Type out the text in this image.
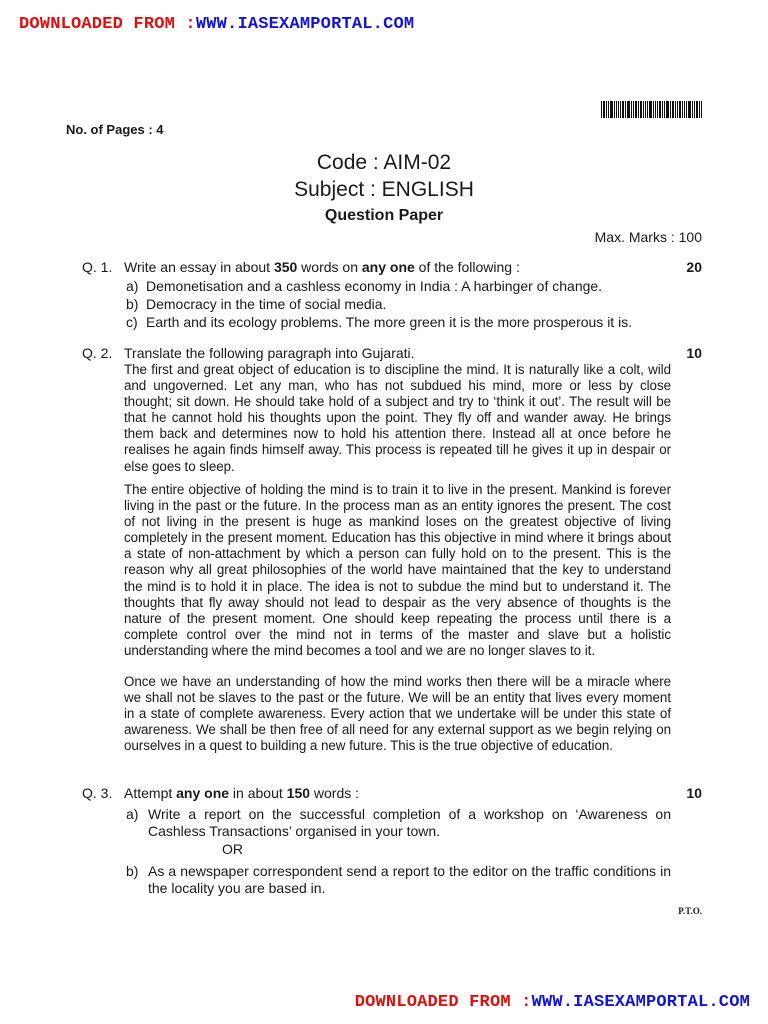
DOWNLOADED FROM :WWW.IASEXAMPORTAL.COM
No. of Pages : 4
Code : AIM-02
Subject : ENGLISH
Question Paper
Max. Marks : 100
Q. 1. Write an essay in about 350 words on any one of the following :	20
a) Demonetisation and a cashless economy in India : A harbinger of change.
b) Democracy in the time of social media.
c) Earth and its ecology problems. The more green it is the more prosperous it is.
Q. 2. Translate the following paragraph into Gujarati.	10

The first and great object of education is to discipline the mind. It is naturally like a colt, wild and ungoverned. Let any man, who has not subdued his mind, more or less by close thought; sit down. He should take hold of a subject and try to ‘think it out’. The result will be that he cannot hold his thoughts upon the point. They fly off and wander away. He brings them back and determines now to hold his attention there. Instead all at once before he realises he again finds himself away. This process is repeated till he gives it up in despair or else goes to sleep.

The entire objective of holding the mind is to train it to live in the present. Mankind is forever living in the past or the future. In the process man as an entity ignores the present. The cost of not living in the present is huge as mankind loses on the greatest objective of living completely in the present moment. Education has this objective in mind where it brings about a state of non-attachment by which a person can fully hold on to the present. This is the reason why all great philosophies of the world have maintained that the key to understand the mind is to hold it in place. The idea is not to subdue the mind but to understand it. The thoughts that fly away should not lead to despair as the very absence of thoughts is the nature of the present moment. One should keep repeating the process until there is a complete control over the mind not in terms of the master and slave but a holistic understanding where the mind becomes a tool and we are no longer slaves to it.

Once we have an understanding of how the mind works then there will be a miracle where we shall not be slaves to the past or the future. We will be an entity that lives every moment in a state of complete awareness. Every action that we undertake will be under this state of awareness. We shall be then free of all need for any external support as we begin relying on ourselves in a quest to building a new future. This is the true objective of education.

Q. 3. Attempt any one in about 150 words :	10
a) Write a report on the successful completion of a workshop on ‘Awareness on Cashless Transactions’ organised in your town.
OR
b) As a newspaper correspondent send a report to the editor on the traffic conditions in the locality you are based in.
P.T.O.
DOWNLOADED FROM :WWW.IASEXAMPORTAL.COM
